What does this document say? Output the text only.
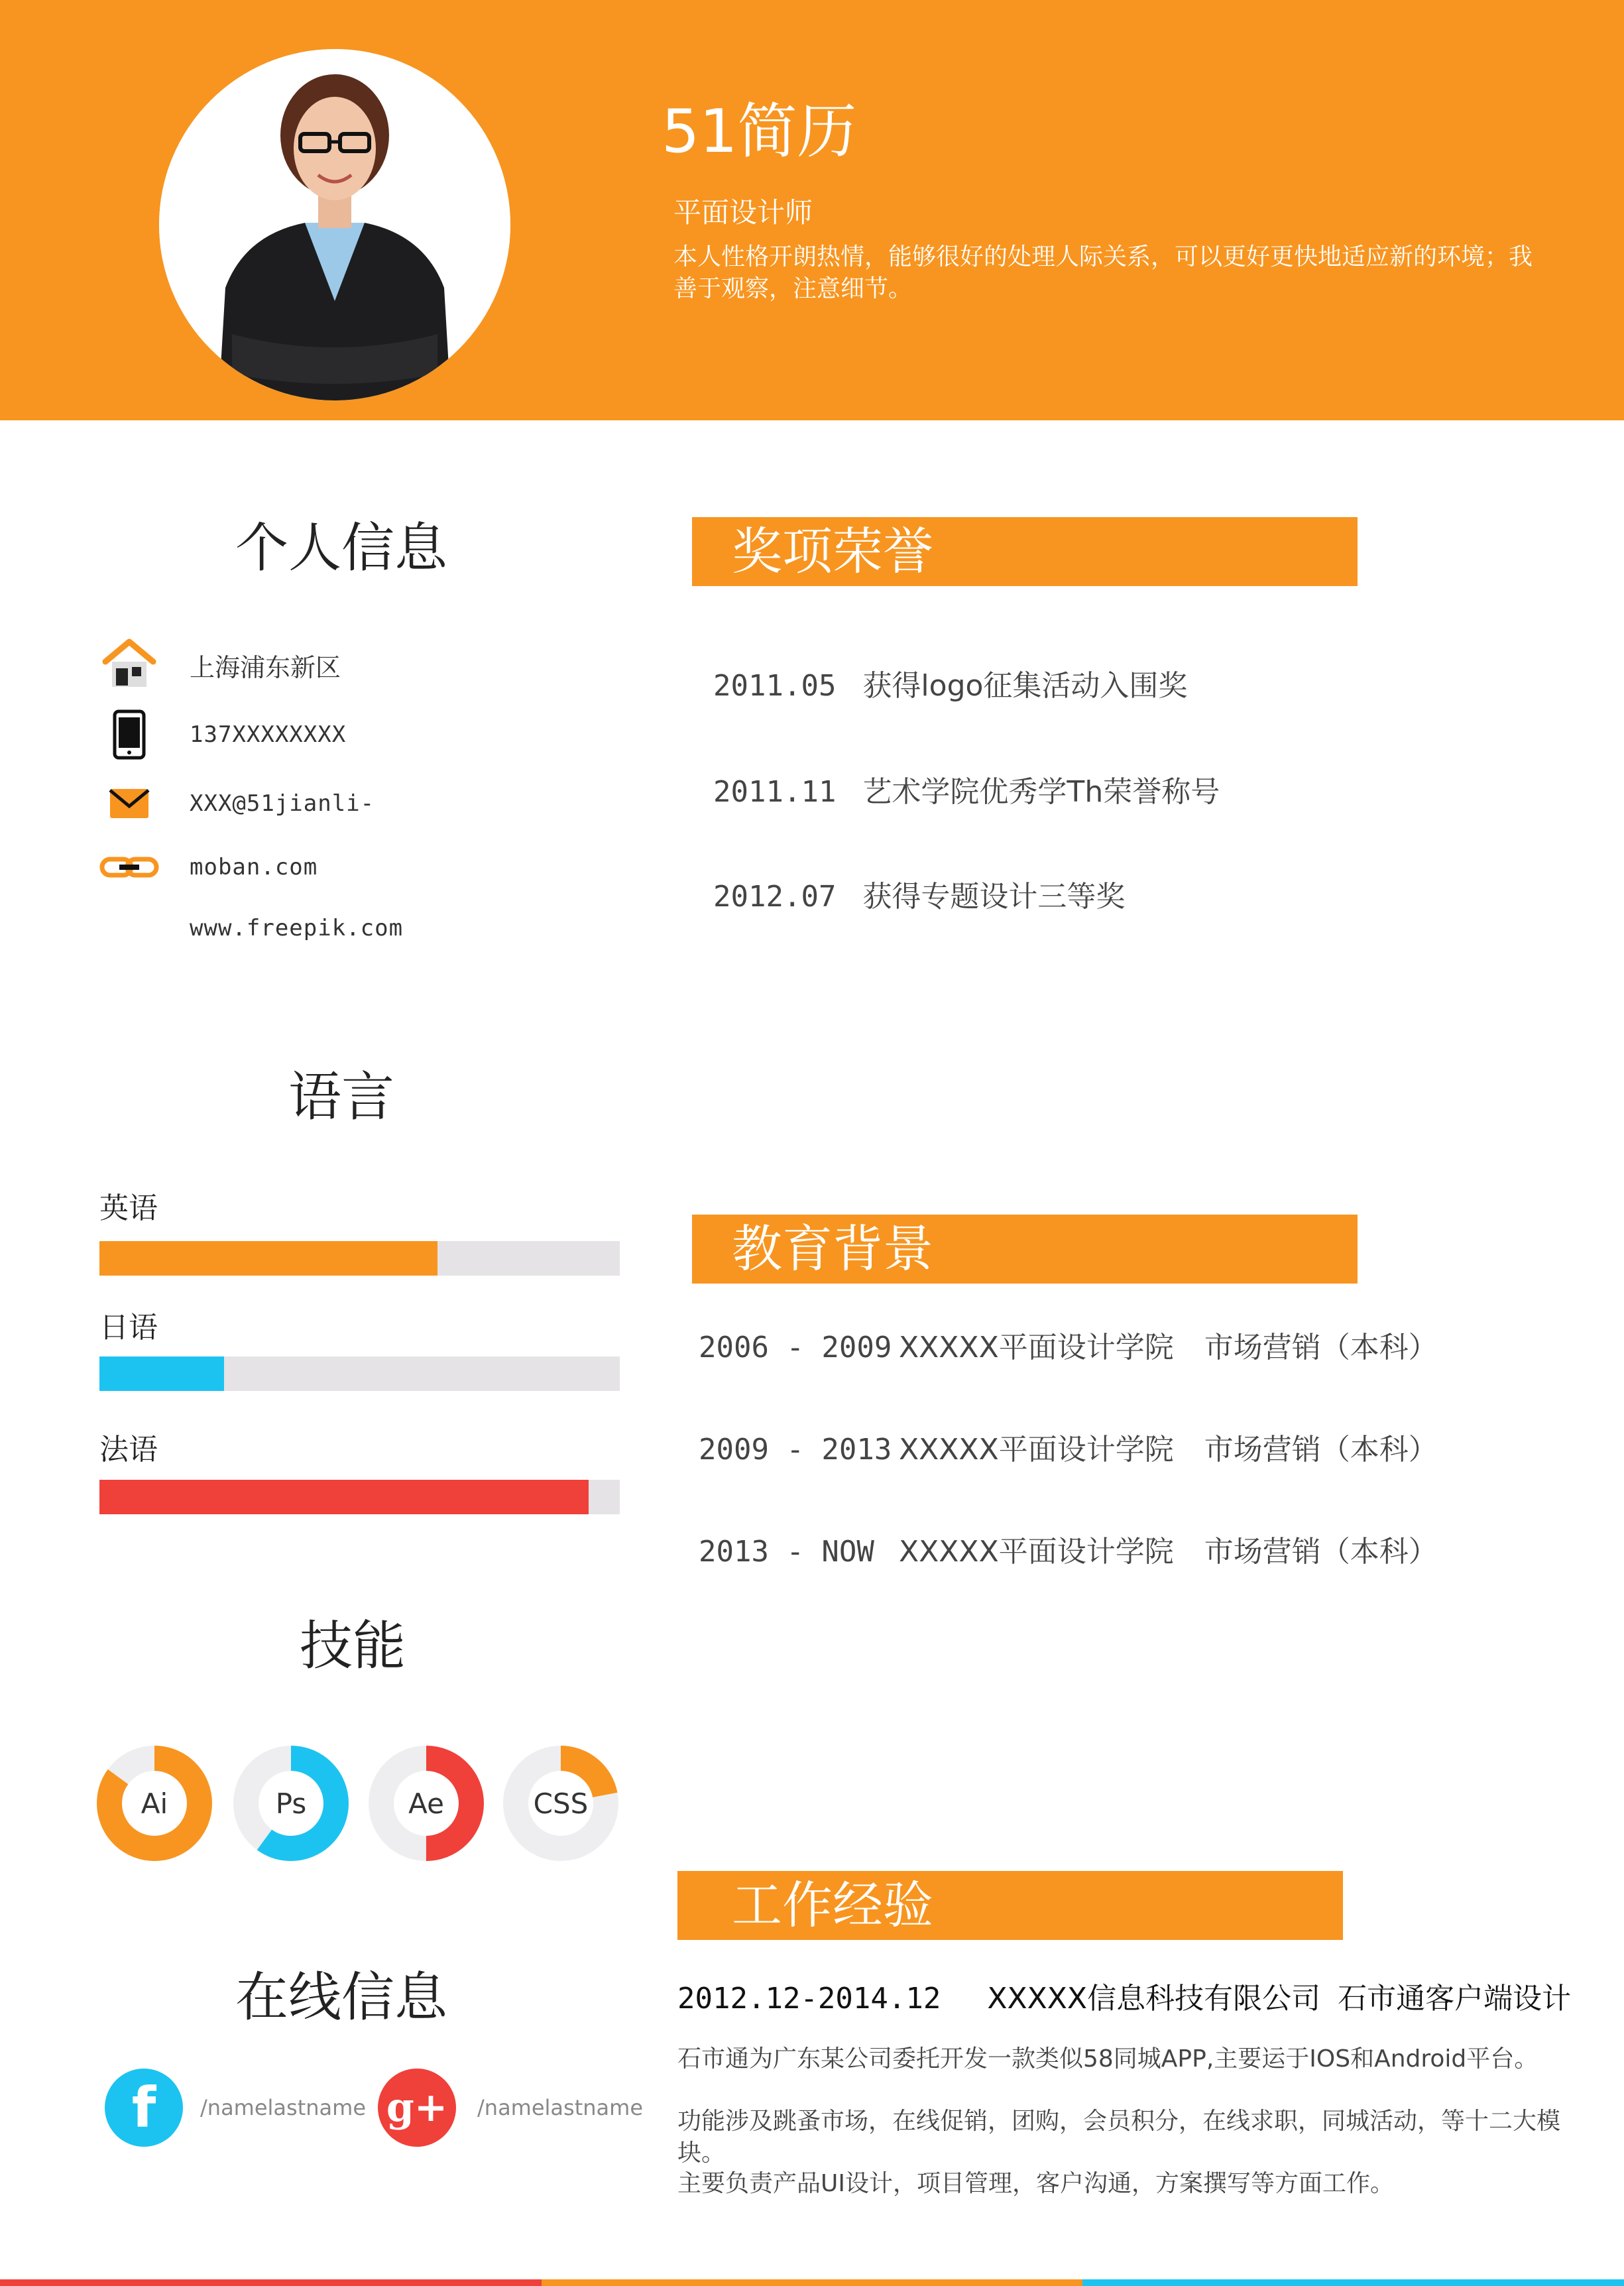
51简历
平面设计师
本人性格开朗热情，能够很好的处理人际关系，可以更好更快地适应新的环境；我善于观察，注意细节。
个人信息
上海浦东新区
137XXXXXXXX
XXX@51jianli-
moban.com
www.freepik.com
语言
英语
日语
法语
技能
Ai	Ps	Ae	CSS
在线信息
f	/namelastname g+	/namelastname
奖项荣誉
2011.05 获得logo征集活动入围奖
2011.11 艺术学院优秀学Th荣誉称号
2012.07 获得专题设计三等奖
教育背景
2006 - 2009 XXXXX平面设计学院 市场营销（本科）
2009 - 2013 XXXXX平面设计学院 市场营销（本科）
2013 - NOW XXXXX平面设计学院 市场营销（本科）
工作经验
2012.12-2014.12 XXXXX信息科技有限公司 石市通客户端设计
石市通为广东某公司委托开发一款类似58同城APP,主要运于IOS和Android平台。
功能涉及跳蚤市场，在线促销，团购，会员积分，在线求职，同城活动，等十二大模块。
主要负责产品UI设计，项目管理，客户沟通，方案撰写等方面工作。
